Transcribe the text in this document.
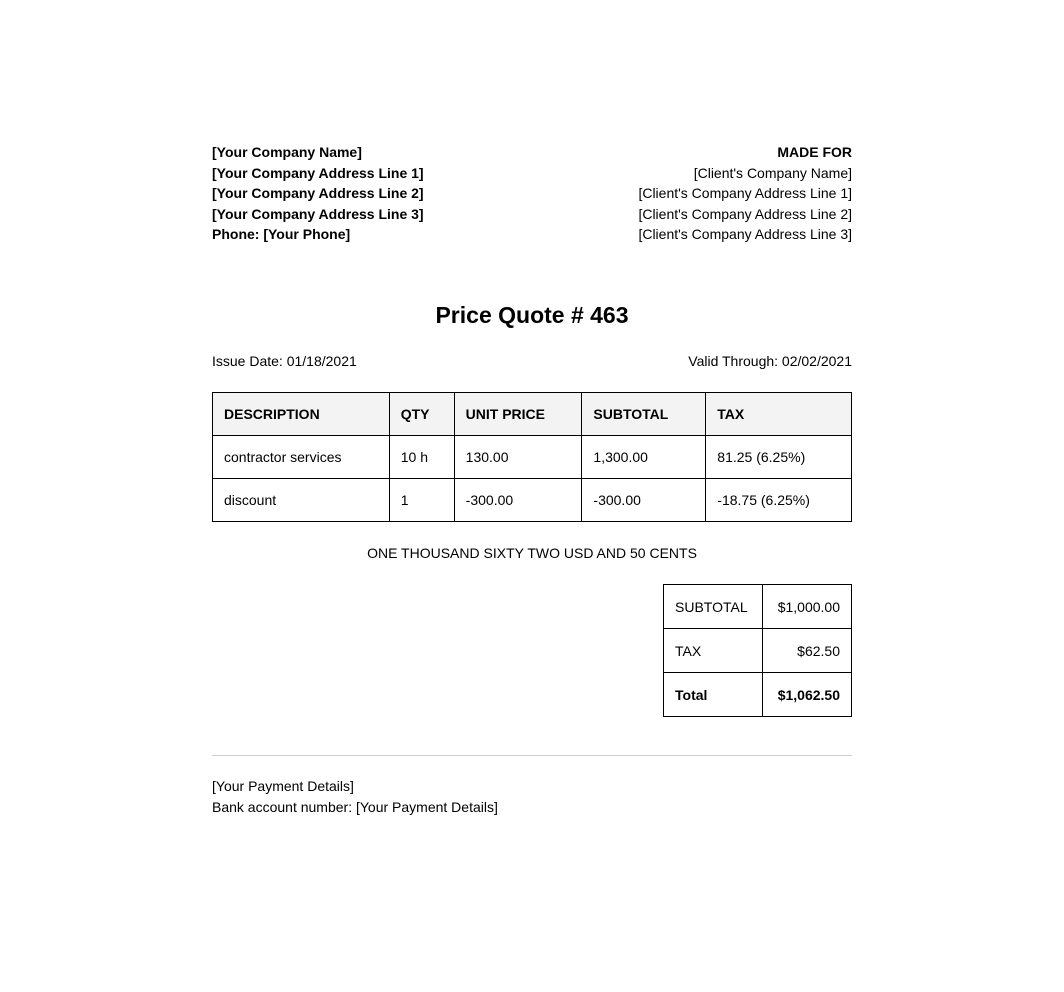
[Your Company Name]
[Your Company Address Line 1]
[Your Company Address Line 2]
[Your Company Address Line 3]
Phone: [Your Phone]
MADE FOR
[Client's Company Name]
[Client's Company Address Line 1]
[Client's Company Address Line 2]
[Client's Company Address Line 3]
Price Quote # 463
Issue Date: 01/18/2021	Valid Through: 02/02/2021
DESCRIPTION	QTY	UNIT PRICE	SUBTOTAL	TAX
contractor services	10 h	130.00	1,300.00	81.25 (6.25%)
discount	1	-300.00	-300.00	-18.75 (6.25%)
ONE THOUSAND SIXTY TWO USD AND 50 CENTS
SUBTOTAL	$1,000.00
TAX	$62.50
Total	$1,062.50
[Your Payment Details]
Bank account number: [Your Payment Details]
